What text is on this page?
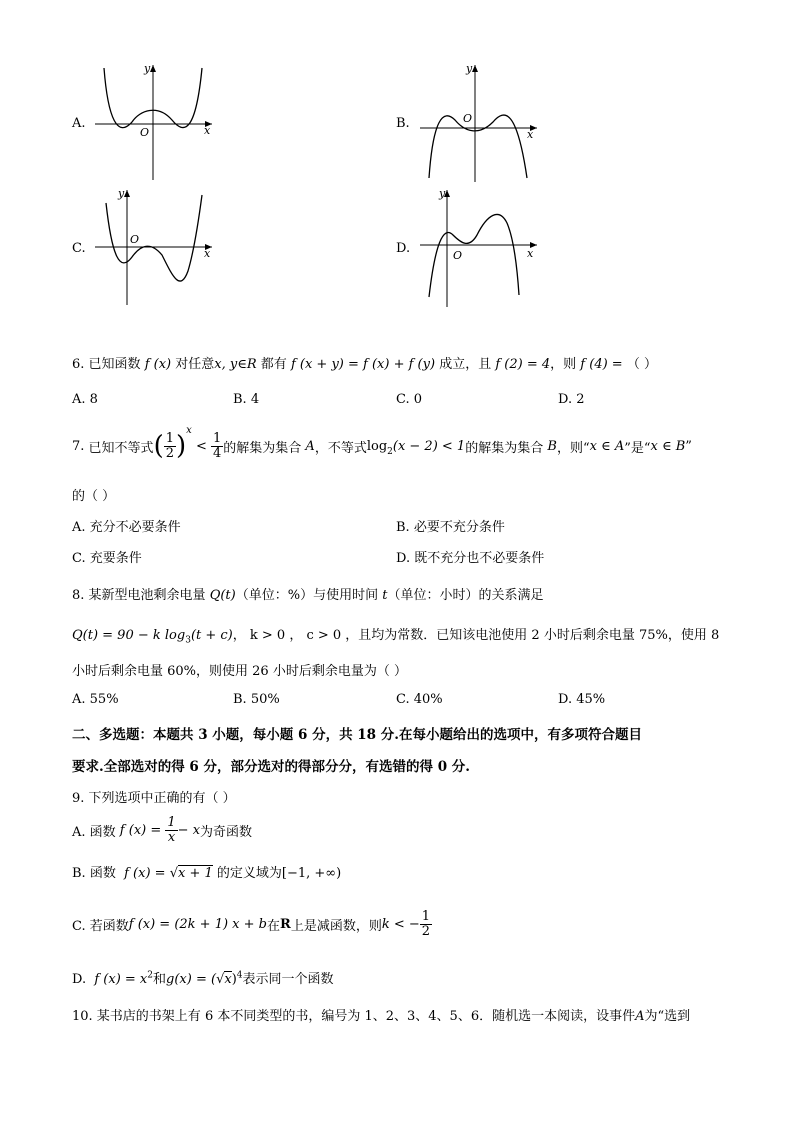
A.
y
x
O
B.
y
x
O
C.
y
x
O
D.
y
x
O
6. 已知函数 f (x) 对任意x, y∈R 都有 f (x + y) = f (x) + f (y) 成立，且 f (2) = 4，则 f (4) = （ ）
A. 8	B. 4	C. 0	D. 2
7.
已知不等式 ( $\frac{1}{2}$ )
$^x$

<
$\frac{1}{4}$ 的解集为集合
A ，不等式 $\log_2 (x - 2) < 1$ 的解集为集合
B ，则“ x ∈ A ”是“ x ∈ B ”
的（ ）
A. 充分不必要条件	B. 必要不充分条件
C. 充要条件	D. 既不充分也不必要条件
8. 某新型电池剩余电量 Q(t)（单位：%）与使用时间 t（单位：小时）的关系满足
Q(t) = 90 − k $\log_3(t + c)$， k > 0 ， c > 0 ，且均为常数．已知该电池使用 2 小时后剩余电量 75%，使用 8
小时后剩余电量 60%，则使用 26 小时后剩余电量为（ ）
A. 55%	B. 50%	C. 40%	D. 45%
二、多选题：本题共 3 小题，每小题 6 分，共 18 分.在每小题给出的选项中，有多项符合题目
要求.全部选对的得 6 分，部分选对的得部分分，有选错的得 0 分.
9. 下列选项中正确的有（ ）
A. 函数
f (x) =
$\frac{1}{x} - x$ 为奇函数
B. 函数 f (x) = √x + 1 的定义域为[−1, +∞)
C. 若函数 f (x) = (2k + 1) x + b 在 R 上是减函数，则 k < − $\frac{1}{2}$
D. f $(x) = x^2$和$g(x) = (√x)^4$表示同一个函数
10. 某书店的书架上有 6 本不同类型的书，编号为 1、2、3、4、5、6．随机选一本阅读，设事件A为“选到
